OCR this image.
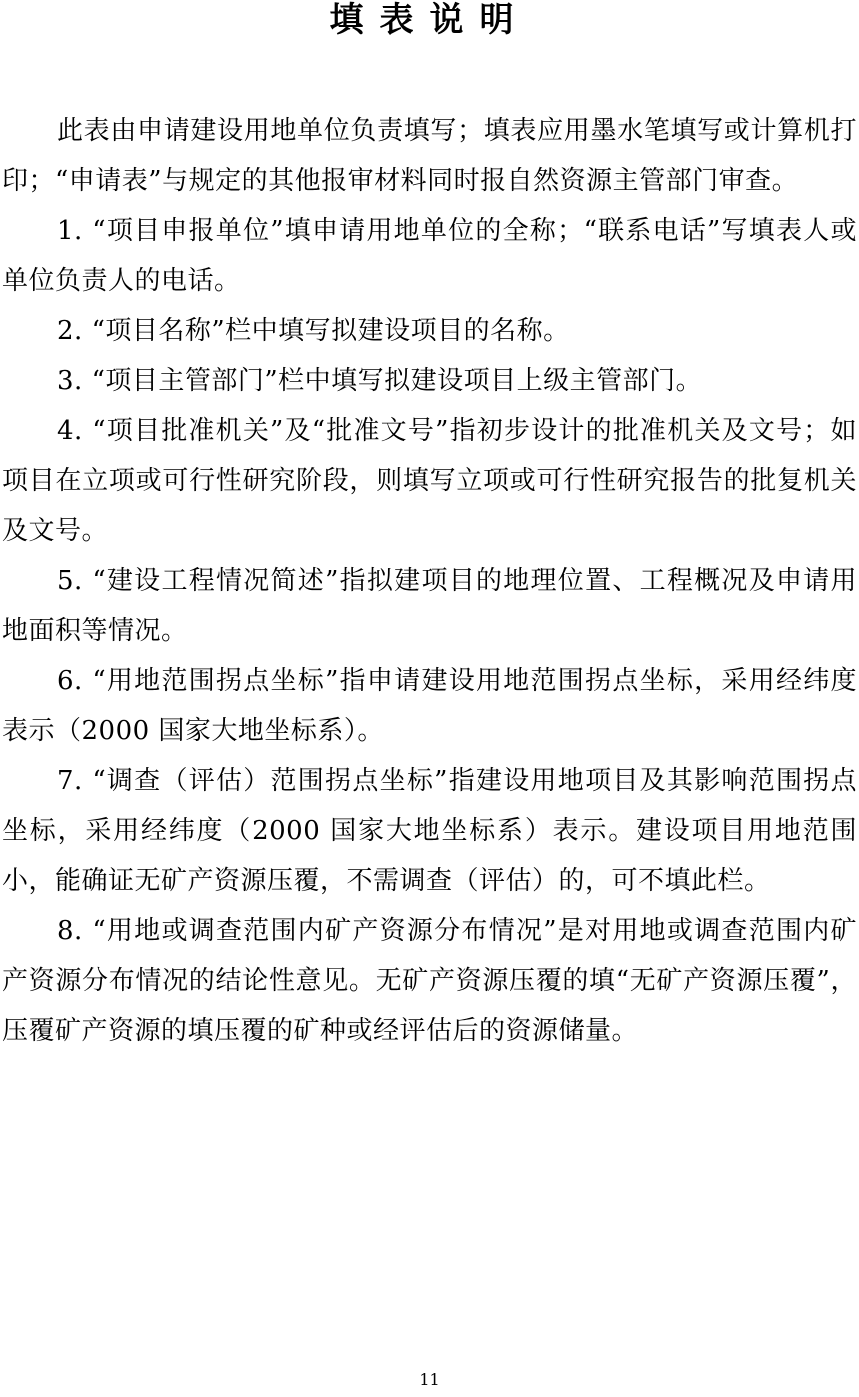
填表说明

此表由申请建设用地单位负责填写；填表应用墨水笔填写或计算机打印；“申请表”与规定的其他报审材料同时报自然资源主管部门审查。

1. “项目申报单位”填申请用地单位的全称；“联系电话”写填表人或单位负责人的电话。

2. “项目名称”栏中填写拟建设项目的名称。

3. “项目主管部门”栏中填写拟建设项目上级主管部门。

4. “项目批准机关”及“批准文号”指初步设计的批准机关及文号；如项目在立项或可行性研究阶段，则填写立项或可行性研究报告的批复机关及文号。

5. “建设工程情况简述”指拟建项目的地理位置、工程概况及申请用地面积等情况。

6. “用地范围拐点坐标”指申请建设用地范围拐点坐标，采用经纬度表示（2000 国家大地坐标系）。

7. “调查（评估）范围拐点坐标”指建设用地项目及其影响范围拐点坐标，采用经纬度（2000 国家大地坐标系）表示。建设项目用地范围小，能确证无矿产资源压覆，不需调查（评估）的，可不填此栏。

8. “用地或调查范围内矿产资源分布情况”是对用地或调查范围内矿产资源分布情况的结论性意见。无矿产资源压覆的填“无矿产资源压覆”，压覆矿产资源的填压覆的矿种或经评估后的资源储量。

11
